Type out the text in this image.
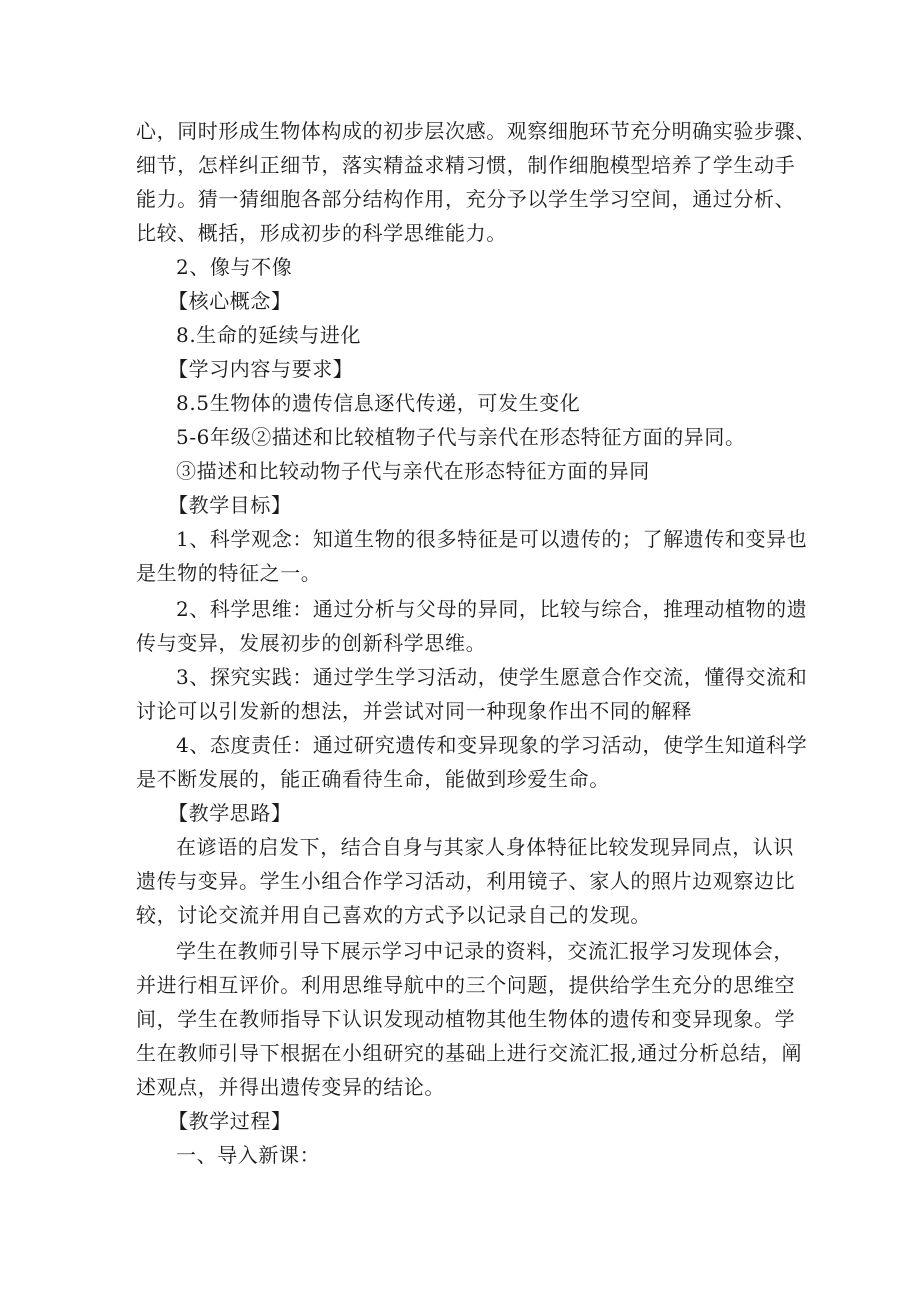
心，同时形成生物体构成的初步层次感。观察细胞环节充分明确实验步骤、
细节，怎样纠正细节，落实精益求精习惯，制作细胞模型培养了学生动手
能力。猜一猜细胞各部分结构作用，充分予以学生学习空间，通过分析、
比较、概括，形成初步的科学思维能力。
2、像与不像
【核心概念】
8.生命的延续与进化
【学习内容与要求】
8.5生物体的遗传信息逐代传递，可发生变化
5-6年级②描述和比较植物子代与亲代在形态特征方面的异同。
③描述和比较动物子代与亲代在形态特征方面的异同
【教学目标】
1、科学观念：知道生物的很多特征是可以遗传的；了解遗传和变异也
是生物的特征之一。
2、科学思维：通过分析与父母的异同，比较与综合，推理动植物的遗
传与变异，发展初步的创新科学思维。
3、探究实践：通过学生学习活动，使学生愿意合作交流，懂得交流和
讨论可以引发新的想法，并尝试对同一种现象作出不同的解释
4、态度责任：通过研究遗传和变异现象的学习活动，使学生知道科学
是不断发展的，能正确看待生命，能做到珍爱生命。
【教学思路】
在谚语的启发下，结合自身与其家人身体特征比较发现异同点，认识
遗传与变异。学生小组合作学习活动，利用镜子、家人的照片边观察边比
较，讨论交流并用自己喜欢的方式予以记录自己的发现。
学生在教师引导下展示学习中记录的资料，交流汇报学习发现体会，
并进行相互评价。利用思维导航中的三个问题，提供给学生充分的思维空
间，学生在教师指导下认识发现动植物其他生物体的遗传和变异现象。学
生在教师引导下根据在小组研究的基础上进行交流汇报,通过分析总结，阐
述观点，并得出遗传变异的结论。
【教学过程】
一、导入新课：
